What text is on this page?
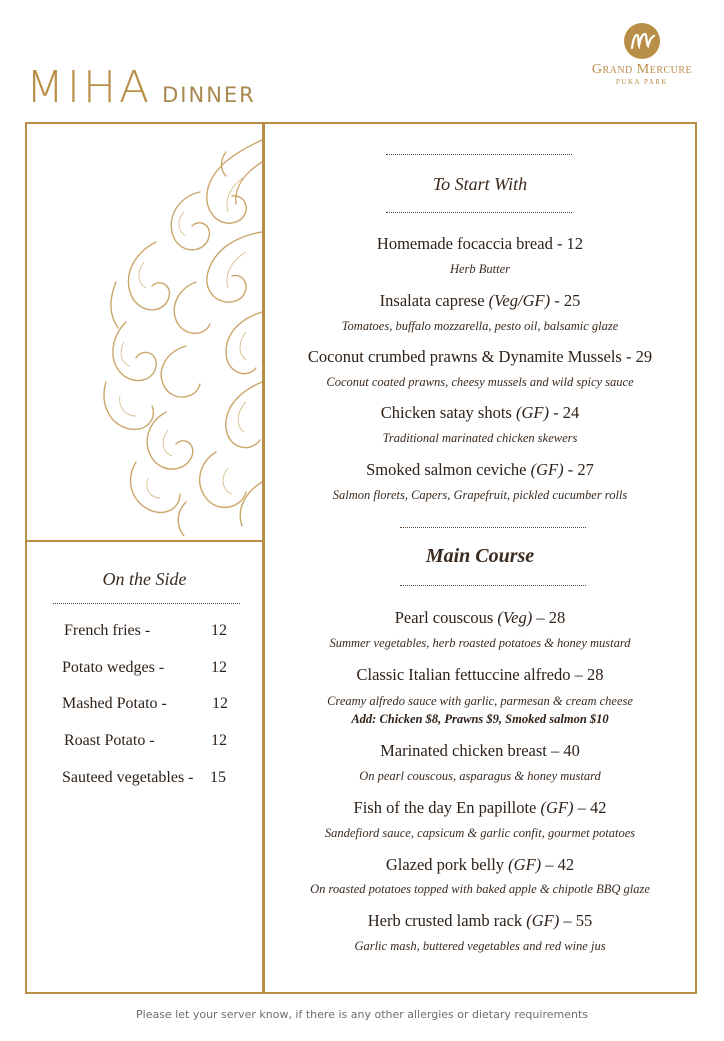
MIHA DINNER
Grand Mercure
PUKA PARK
On the Side
French fries -	12
Potato wedges -	12
Mashed Potato -	12
Roast Potato -	12
Sauteed vegetables - 15
To Start With
Homemade focaccia bread - 12
Herb Butter
Insalata caprese (Veg/GF) - 25
Tomatoes, buffalo mozzarella, pesto oil, balsamic glaze
Coconut crumbed prawns & Dynamite Mussels - 29
Coconut coated prawns, cheesy mussels and wild spicy sauce
Chicken satay shots (GF) - 24
Traditional marinated chicken skewers
Smoked salmon ceviche (GF) - 27
Salmon florets, Capers, Grapefruit, pickled cucumber rolls
Main Course
Pearl couscous (Veg) – 28
Summer vegetables, herb roasted potatoes & honey mustard
Classic Italian fettuccine alfredo – 28
Creamy alfredo sauce with garlic, parmesan & cream cheese
Add: Chicken $8, Prawns $9, Smoked salmon $10
Marinated chicken breast – 40
On pearl couscous, asparagus & honey mustard
Fish of the day En papillote (GF) – 42
Sandefiord sauce, capsicum & garlic confit, gourmet potatoes
Glazed pork belly (GF) – 42
On roasted potatoes topped with baked apple & chipotle BBQ glaze
Herb crusted lamb rack (GF) – 55
Garlic mash, buttered vegetables and red wine jus
Please let your server know, if there is any other allergies or dietary requirements
